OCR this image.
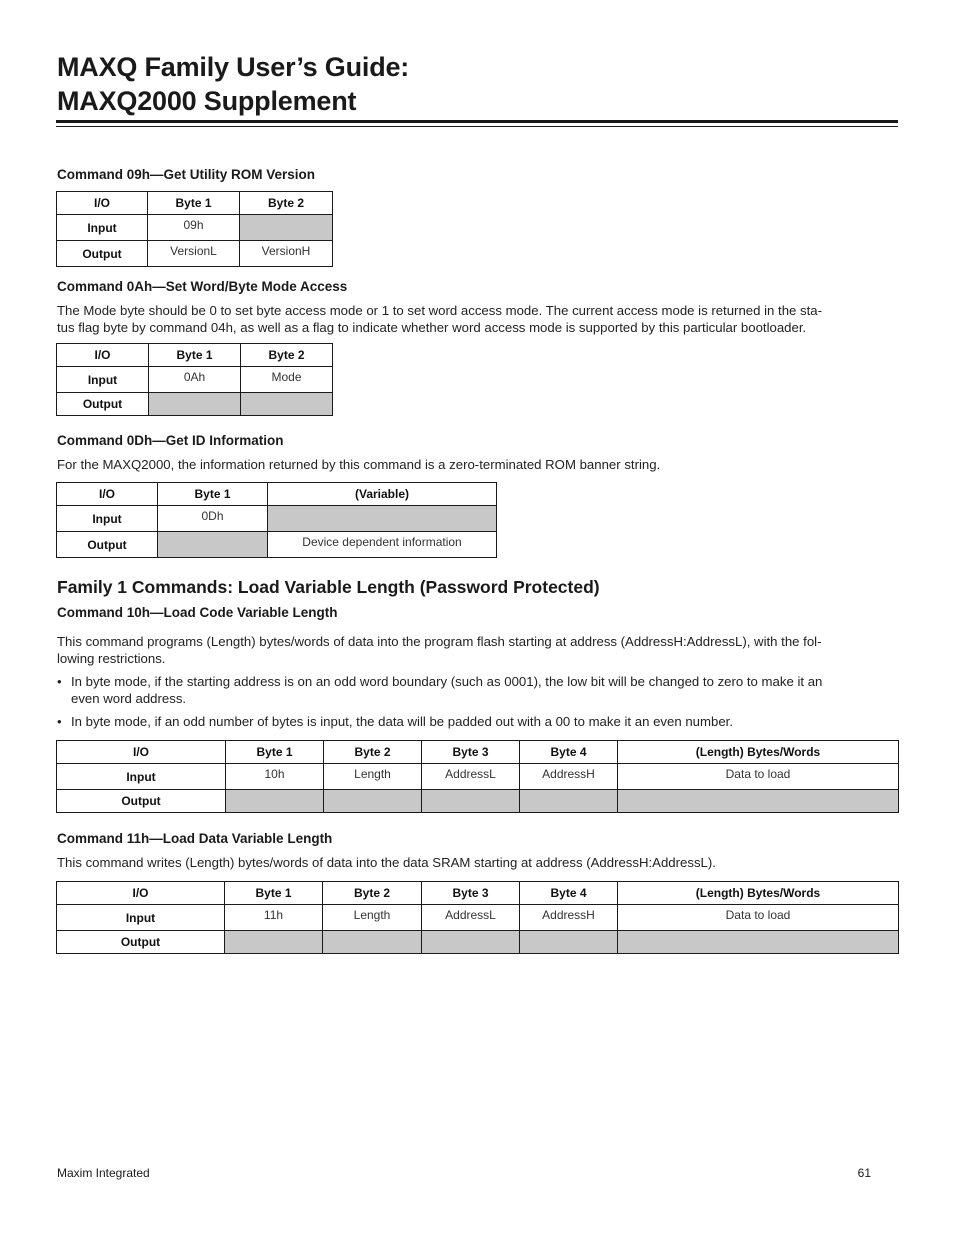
MAXQ Family User’s Guide:
MAXQ2000 Supplement
Command 09h—Get Utility ROM Version
I/O	Byte 1	Byte 2
Input	09h	
Output	VersionL	VersionH
Command 0Ah—Set Word/Byte Mode Access

The Mode byte should be 0 to set byte access mode or 1 to set word access mode. The current access mode is returned in the sta-
tus flag byte by command 04h, as well as a flag to indicate whether word access mode is supported by this particular bootloader.

I/O	Byte 1	Byte 2
Input	0Ah	Mode
Output		
Command 0Dh—Get ID Information

For the MAXQ2000, the information returned by this command is a zero-terminated ROM banner string.

I/O	Byte 1	(Variable)
Input	0Dh	
Output		Device dependent information
Family 1 Commands: Load Variable Length (Password Protected)
Command 10h—Load Code Variable Length

This command programs (Length) bytes/words of data into the program flash starting at address (AddressH:AddressL), with the fol-
lowing restrictions.

• In byte mode, if the starting address is on an odd word boundary (such as 0001), the low bit will be changed to zero to make it an
even word address.

• In byte mode, if an odd number of bytes is input, the data will be padded out with a 00 to make it an even number.

I/O	Byte 1	Byte 2	Byte 3	Byte 4	(Length) Bytes/Words
Input	10h	Length	AddressL	AddressH	Data to load
Output					
Command 11h—Load Data Variable Length

This command writes (Length) bytes/words of data into the data SRAM starting at address (AddressH:AddressL).

I/O	Byte 1	Byte 2	Byte 3	Byte 4	(Length) Bytes/Words
Input	11h	Length	AddressL	AddressH	Data to load
Output					
Maxim Integrated	61
